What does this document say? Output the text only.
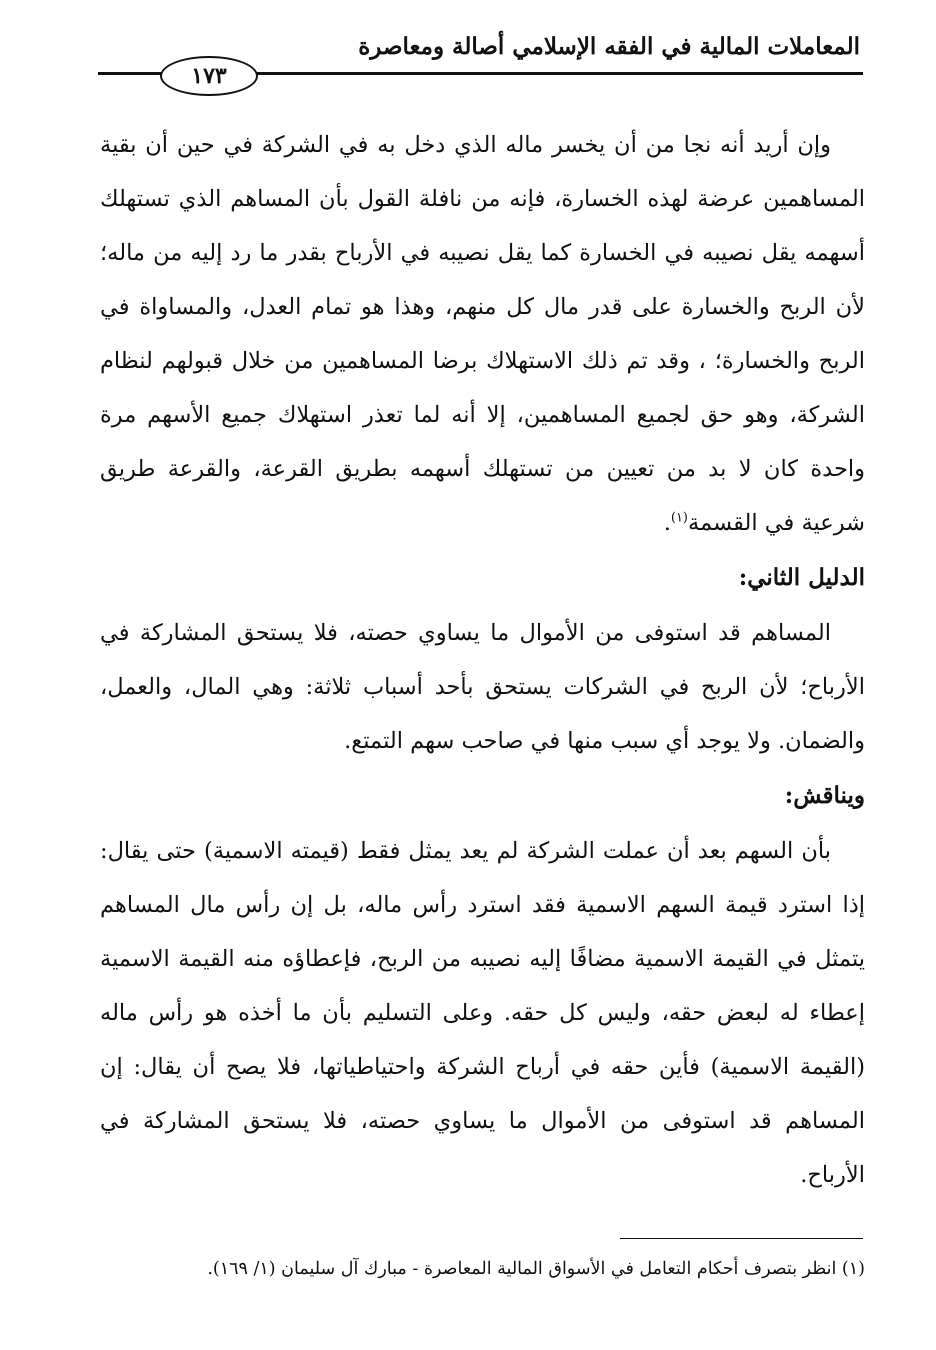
المعاملات المالية في الفقه الإسلامي أصالة ومعاصرة
١٧٣

وإن أريد أنه نجا من أن يخسر ماله الذي دخل به في الشركة في حين أن بقية المساهمين عرضة لهذه الخسارة، فإنه من نافلة القول بأن المساهم الذي تستهلك أسهمه يقل نصيبه في الخسارة كما يقل نصيبه في الأرباح بقدر ما رد إليه من ماله؛ لأن الربح والخسارة على قدر مال كل منهم، وهذا هو تمام العدل، والمساواة في الربح والخسارة؛ ، وقد تم ذلك الاستهلاك برضا المساهمين من خلال قبولهم لنظام الشركة، وهو حق لجميع المساهمين، إلا أنه لما تعذر استهلاك جميع الأسهم مرة واحدة كان لا بد من تعيين من تستهلك أسهمه بطريق القرعة، والقرعة طريق شرعية في القسمة$^{(١)}$.

الدليل الثاني:

المساهم قد استوفى من الأموال ما يساوي حصته، فلا يستحق المشاركة في الأرباح؛ لأن الربح في الشركات يستحق بأحد أسباب ثلاثة: وهي المال، والعمل، والضمان. ولا يوجد أي سبب منها في صاحب سهم التمتع.

ويناقش:

بأن السهم بعد أن عملت الشركة لم يعد يمثل فقط (قيمته الاسمية) حتى يقال: إذا استرد قيمة السهم الاسمية فقد استرد رأس ماله، بل إن رأس مال المساهم يتمثل في القيمة الاسمية مضافًا إليه نصيبه من الربح، فإعطاؤه منه القيمة الاسمية إعطاء له لبعض حقه، وليس كل حقه. وعلى التسليم بأن ما أخذه هو رأس ماله (القيمة الاسمية) فأين حقه في أرباح الشركة واحتياطياتها، فلا يصح أن يقال: إن المساهم قد استوفى من الأموال ما يساوي حصته، فلا يستحق المشاركة في الأرباح.

(١) انظر بتصرف أحكام التعامل في الأسواق المالية المعاصرة - مبارك آل سليمان (١/ ١٦٩).
